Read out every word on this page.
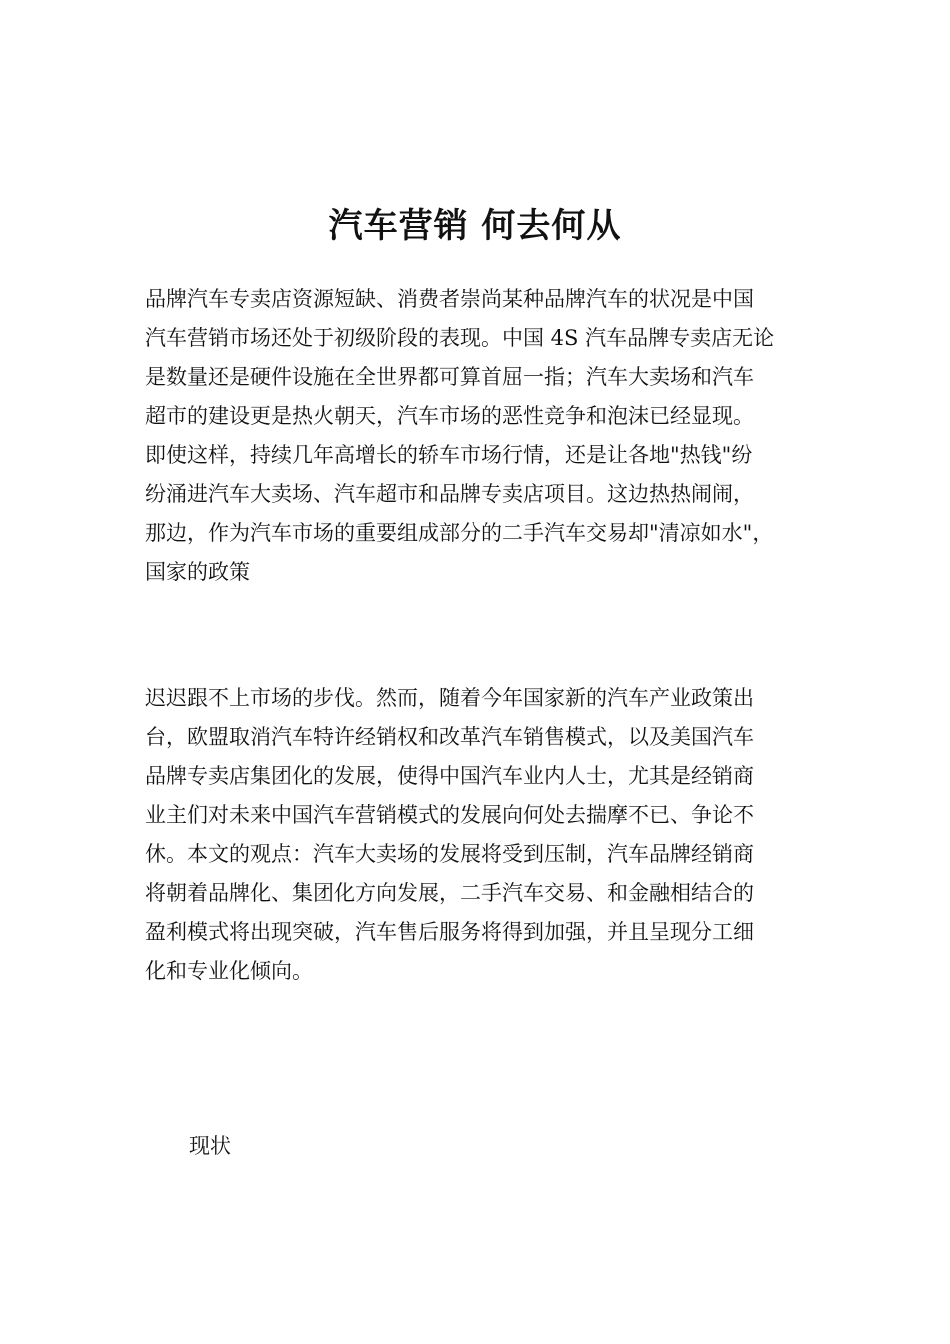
汽车营销 何去何从
品牌汽车专卖店资源短缺、消费者崇尚某种品牌汽车的状况是中国
汽车营销市场还处于初级阶段的表现。中国 4S 汽车品牌专卖店无论
是数量还是硬件设施在全世界都可算首屈一指；汽车大卖场和汽车
超市的建设更是热火朝天，汽车市场的恶性竞争和泡沫已经显现。
即使这样，持续几年高增长的轿车市场行情，还是让各地"热钱"纷
纷涌进汽车大卖场、汽车超市和品牌专卖店项目。这边热热闹闹，
那边，作为汽车市场的重要组成部分的二手汽车交易却"清凉如水"，
国家的政策
迟迟跟不上市场的步伐。然而，随着今年国家新的汽车产业政策出
台，欧盟取消汽车特许经销权和改革汽车销售模式，以及美国汽车
品牌专卖店集团化的发展，使得中国汽车业内人士，尤其是经销商
业主们对未来中国汽车营销模式的发展向何处去揣摩不已、争论不
休。本文的观点：汽车大卖场的发展将受到压制，汽车品牌经销商
将朝着品牌化、集团化方向发展，二手汽车交易、和金融相结合的
盈利模式将出现突破，汽车售后服务将得到加强，并且呈现分工细
化和专业化倾向。

现状
